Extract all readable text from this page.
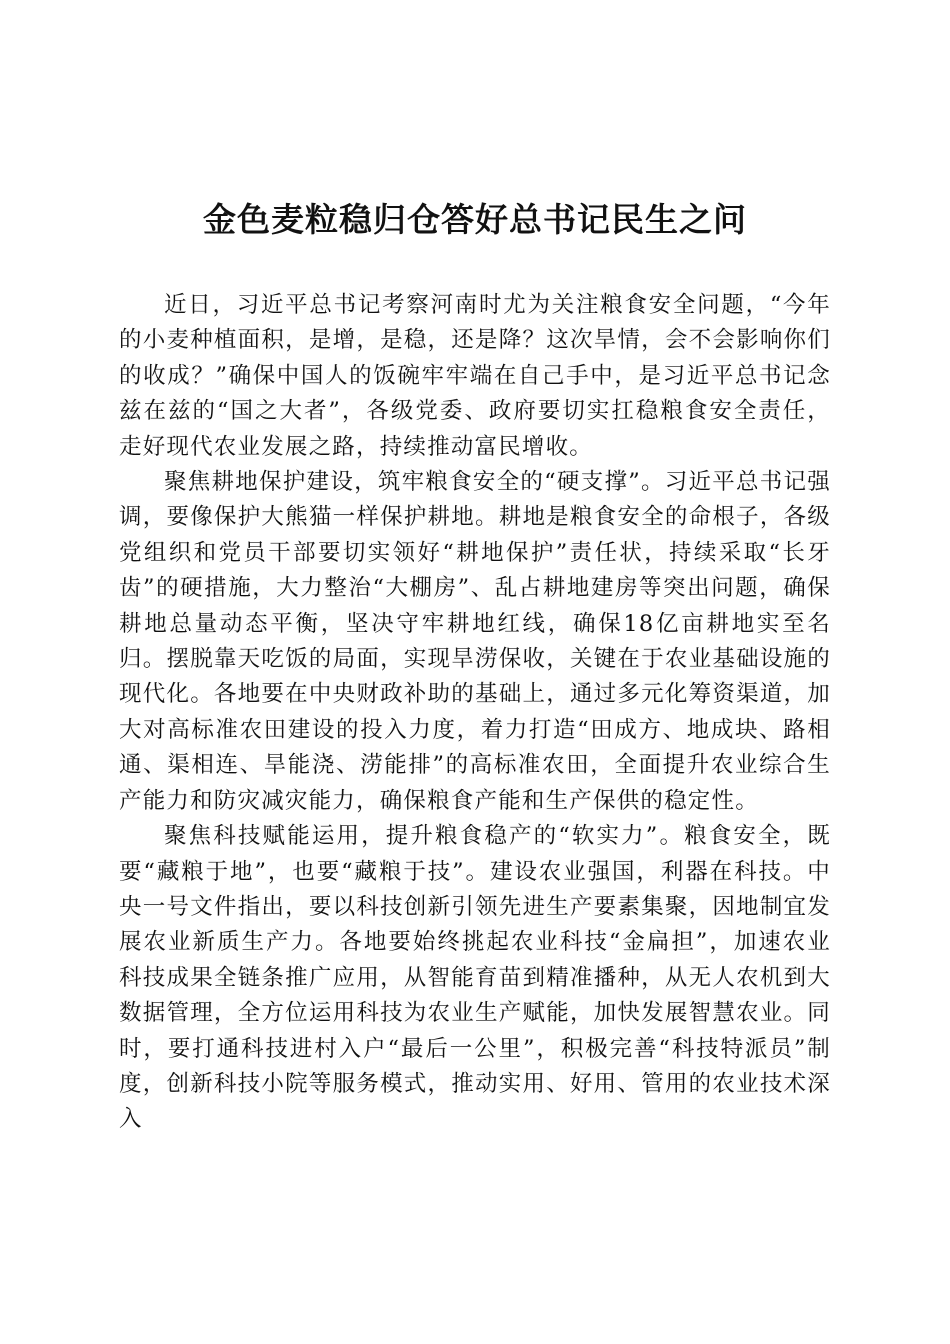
金色麦粒稳归仓答好总书记民生之问

近日，习近平总书记考察河南时尤为关注粮食安全问题，“今年的小麦种植面积，是增，是稳，还是降？这次旱情，会不会影响你们的收成？”确保中国人的饭碗牢牢端在自己手中，是习近平总书记念兹在兹的“国之大者”，各级党委、政府要切实扛稳粮食安全责任，走好现代农业发展之路，持续推动富民增收。

聚焦耕地保护建设，筑牢粮食安全的“硬支撑”。习近平总书记强调，要像保护大熊猫一样保护耕地。耕地是粮食安全的命根子，各级党组织和党员干部要切实领好“耕地保护”责任状，持续采取“长牙齿”的硬措施，大力整治“大棚房”、乱占耕地建房等突出问题，确保耕地总量动态平衡，坚决守牢耕地红线，确保18亿亩耕地实至名归。摆脱靠天吃饭的局面，实现旱涝保收，关键在于农业基础设施的现代化。各地要在中央财政补助的基础上，通过多元化筹资渠道，加大对高标准农田建设的投入力度，着力打造“田成方、地成块、路相通、渠相连、旱能浇、涝能排”的高标准农田，全面提升农业综合生产能力和防灾减灾能力，确保粮食产能和生产保供的稳定性。

聚焦科技赋能运用，提升粮食稳产的“软实力”。粮食安全，既要“藏粮于地”，也要“藏粮于技”。建设农业强国，利器在科技。中央一号文件指出，要以科技创新引领先进生产要素集聚，因地制宜发展农业新质生产力。各地要始终挑起农业科技“金扁担”，加速农业科技成果全链条推广应用，从智能育苗到精准播种，从无人农机到大数据管理，全方位运用科技为农业生产赋能，加快发展智慧农业。同时，要打通科技进村入户“最后一公里”，积极完善“科技特派员”制度，创新科技小院等服务模式，推动实用、好用、管用的农业技术深入
